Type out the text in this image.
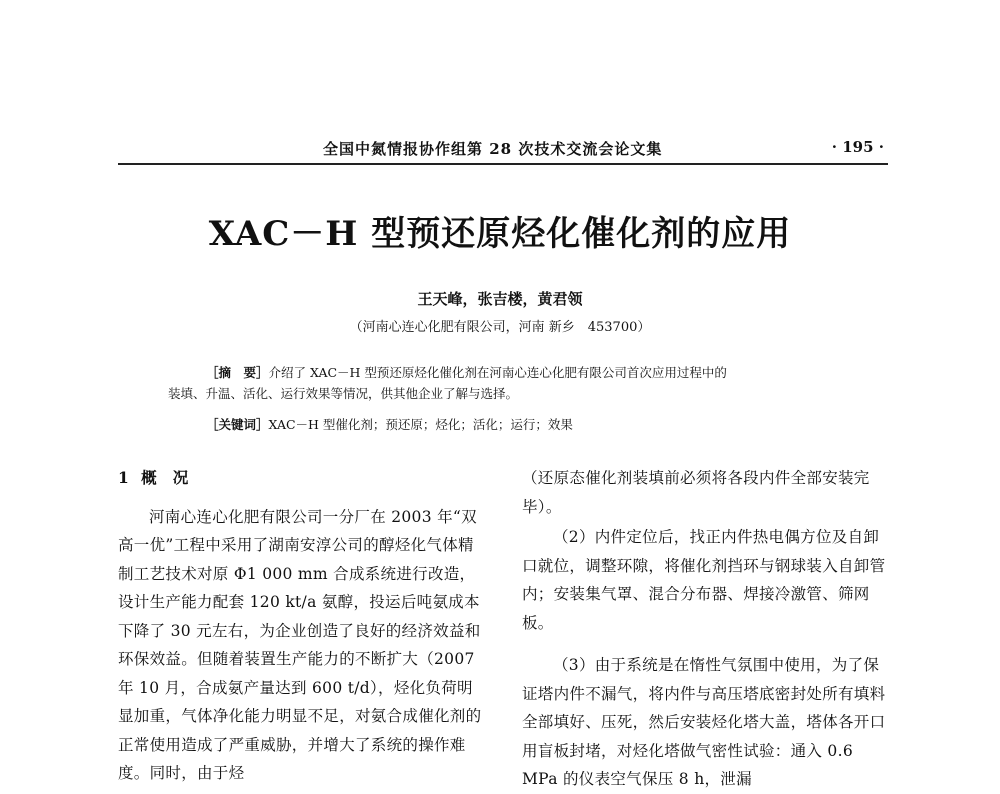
全国中氮情报协作组第 28 次技术交流会论文集	· 195 ·
XAC－H 型预还原烃化催化剂的应用
王天峰，张吉楼，黄君领
（河南心连心化肥有限公司，河南 新乡　453700）
［摘　要］介绍了 XAC－H 型预还原烃化催化剂在河南心连心化肥有限公司首次应用过程中的
装填、升温、活化、运行效果等情况，供其他企业了解与选择。
［关键词］XAC－H 型催化剂；预还原；烃化；活化；运行；效果
1 概　况

河南心连心化肥有限公司一分厂在 2003 年“双高一优”工程中采用了湖南安淳公司的醇烃化气体精制工艺技术对原 Φ1 000 mm 合成系统进行改造，设计生产能力配套 120 kt/a 氨醇，投运后吨氨成本下降了 30 元左右，为企业创造了良好的经济效益和环保效益。但随着装置生产能力的不断扩大（2007 年 10 月，合成氨产量达到 600 t/d），烃化负荷明显加重，气体净化能力明显不足，对氨合成催化剂的正常使用造成了严重威胁，并增大了系统的操作难度。同时，由于烃

（还原态催化剂装填前必须将各段内件全部安装完毕）。

（2）内件定位后，找正内件热电偶方位及自卸口就位，调整环隙，将催化剂挡环与钢球装入自卸管内；安装集气罩、混合分布器、焊接冷激管、筛网板。

（3）由于系统是在惰性气氛围中使用，为了保证塔内件不漏气，将内件与高压塔底密封处所有填料全部填好、压死，然后安装烃化塔大盖，塔体各开口用盲板封堵，对烃化塔做气密性试验：通入 0.6 MPa 的仪表空气保压 8 h，泄漏
